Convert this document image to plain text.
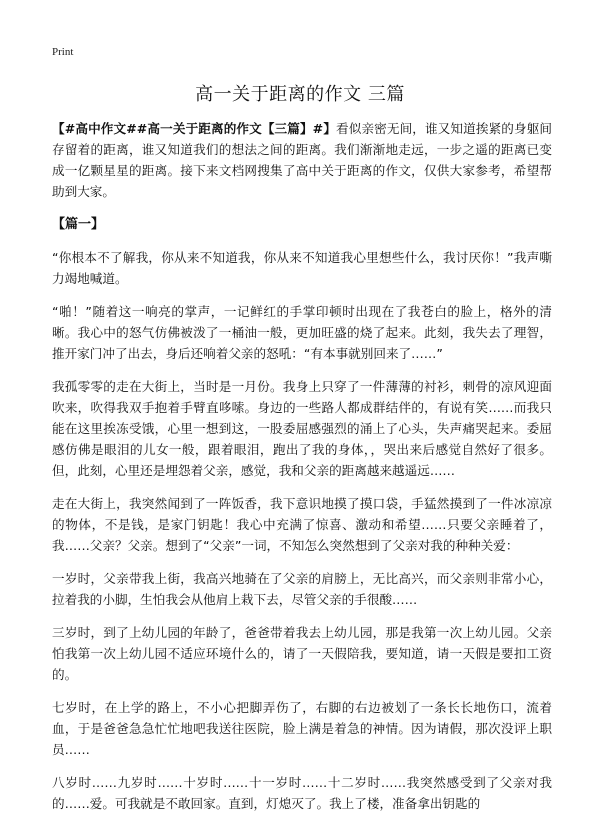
Print
高一关于距离的作文 三篇

【#高中作文#​#高一关于距离的作文【三篇】#】看似亲密无间，谁又知道挨紧的身躯间存留着的距离，谁又知道我们的想法之间的距离。我们渐渐地走远，一步之遥的距离已变成一亿颗星星的距离。接下来文档网搜集了高中关于距离的作文，仅供大家参考，希望帮助到大家。

【篇一】

“你根本不了解我，你从来不知道我，你从来不知道我心里想些什么，我讨厌你！”我声嘶力竭地喊道。

“啪！”随着这一响亮的掌声，一记鲜红的手掌印顿时出现在了我苍白的脸上，格外的清晰。我心中的怒气仿佛被泼了一桶油一般，更加旺盛的烧了起来。此刻，我失去了理智，推开家门冲了出去，身后还响着父亲的怒吼：“有本事就别回来了……”

我孤零零的走在大街上，当时是一月份。我身上只穿了一件薄薄的衬衫，刺骨的凉风迎面吹来，吹得我双手抱着手臂直哆嗦。身边的一些路人都成群结伴的，有说有笑……而我只能在这里挨冻受饿，心里一想到这，一股委屈感强烈的涌上了心头，失声痛哭起来。委屈感仿佛是眼泪的儿女一般，跟着眼泪，跑出了我的身体，，哭出来后感觉自然好了很多。但，此刻，心里还是埋怨着父亲，感觉，我和父亲的距离越来越遥远……

走在大街上，我突然闻到了一阵饭香，我下意识地摸了摸口袋，手猛然摸到了一件冰凉凉的物体，不是钱，是家门钥匙！我心中充满了惊喜、激动和希望……只要父亲睡着了，我……父亲？父亲。想到了“父亲”一词，不知怎么突然想到了父亲对我的种种关爱：

一岁时，父亲带我上街，我高兴地骑在了父亲的肩膀上，无比高兴，而父亲则非常小心，拉着我的小脚，生怕我会从他肩上栽下去，尽管父亲的手很酸……

三岁时，到了上幼儿园的年龄了，爸爸带着我去上幼儿园，那是我第一次上幼儿园。父亲怕我第一次上幼儿园不适应环境什么的，请了一天假陪我，要知道，请一天假是要扣工资的。

七岁时，在上学的路上，不小心把脚弄伤了，右脚的右边被划了一条长长地伤口，流着血，于是爸爸急急忙忙地吧我送往医院，脸上满是着急的神情。因为请假，那次没评上职员……

八岁时……九岁时……十岁时……十一岁时……十二岁时……我突然感受到了父亲对我的……爱。可我就是不敢回家。直到，灯熄灭了。我上了楼，准备拿出钥匙的
